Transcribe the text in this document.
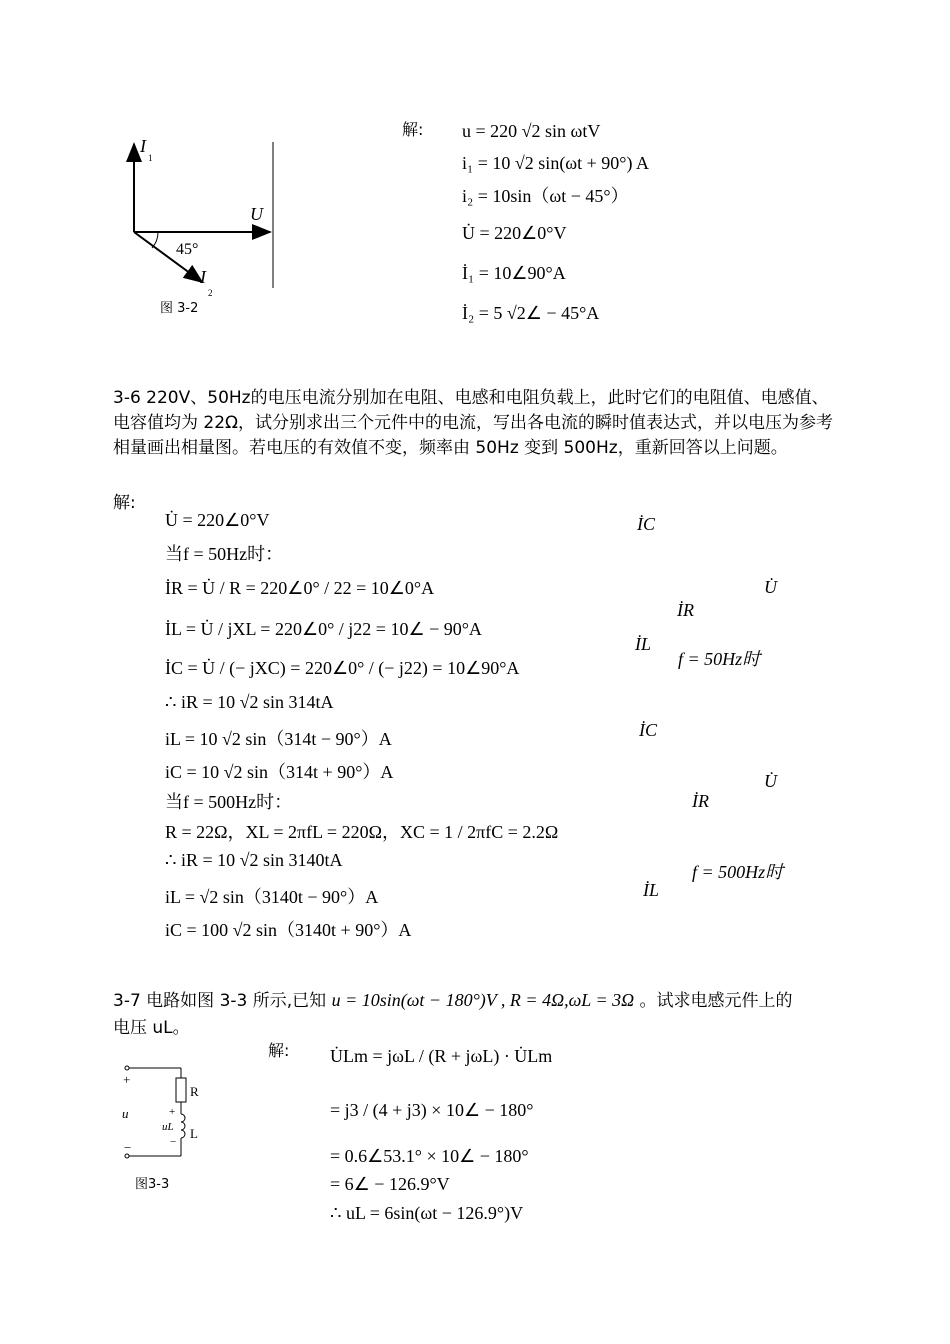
I
1
U
45°
I
2
图 3-2
解: u = 220 √2 sin ωtV
i₁ = 10 √2 sin(ωt + 90°) A
i₂ = 10sin（ωt − 45°）
U̇ = 220∠0°V
İ₁ = 10∠90°A
İ₂ = 5 √2∠ − 45°A
3-6 220V、50Hz的电压电流分别加在电阻、电感和电阻负载上，此时它们的电阻值、电感值、电容值均为 22Ω，试分别求出三个元件中的电流，写出各电流的瞬时值表达式，并以电压为参考相量画出相量图。若电压的有效值不变，频率由 50Hz 变到 500Hz，重新回答以上问题。
解:
U̇ = 220∠0°V
当f = 50Hz时：
İR = U̇ / R = 220∠0° / 22 = 10∠0°A
İL = U̇ / jXL = 220∠0° / j22 = 10∠ − 90°A
İC = U̇ / (− jXC) = 220∠0° / (− j22) = 10∠90°A
∴ iR = 10 √2 sin 314tA
iL = 10 √2 sin（314t − 90°）A
iC = 10 √2 sin（314t + 90°）A
当f = 500Hz时：
R = 22Ω，XL = 2πfL = 220Ω，XC = 1 / 2πfC = 2.2Ω
∴ iR = 10 √2 sin 3140tA
iL = √2 sin（3140t − 90°）A
iC = 100 √2 sin（3140t + 90°）A
İC
U̇
İR
İL
f = 50Hz时
İC
U̇
İR
f = 500Hz时
İL
3-7 电路如图 3-3 所示,已知 u = 10sin(ωt − 180°)V , R = 4Ω,ωL = 3Ω 。试求电感元件上的
电压 uL。
解:
+
u
−
R
L
+
uL
−
图3-3
U̇Lm = jωL / (R + jωL) · U̇Lm
= j3 / (4 + j3) × 10∠ − 180°
= 0.6∠53.1° × 10∠ − 180°
= 6∠ − 126.9°V
∴ uL = 6sin(ωt − 126.9°)V
